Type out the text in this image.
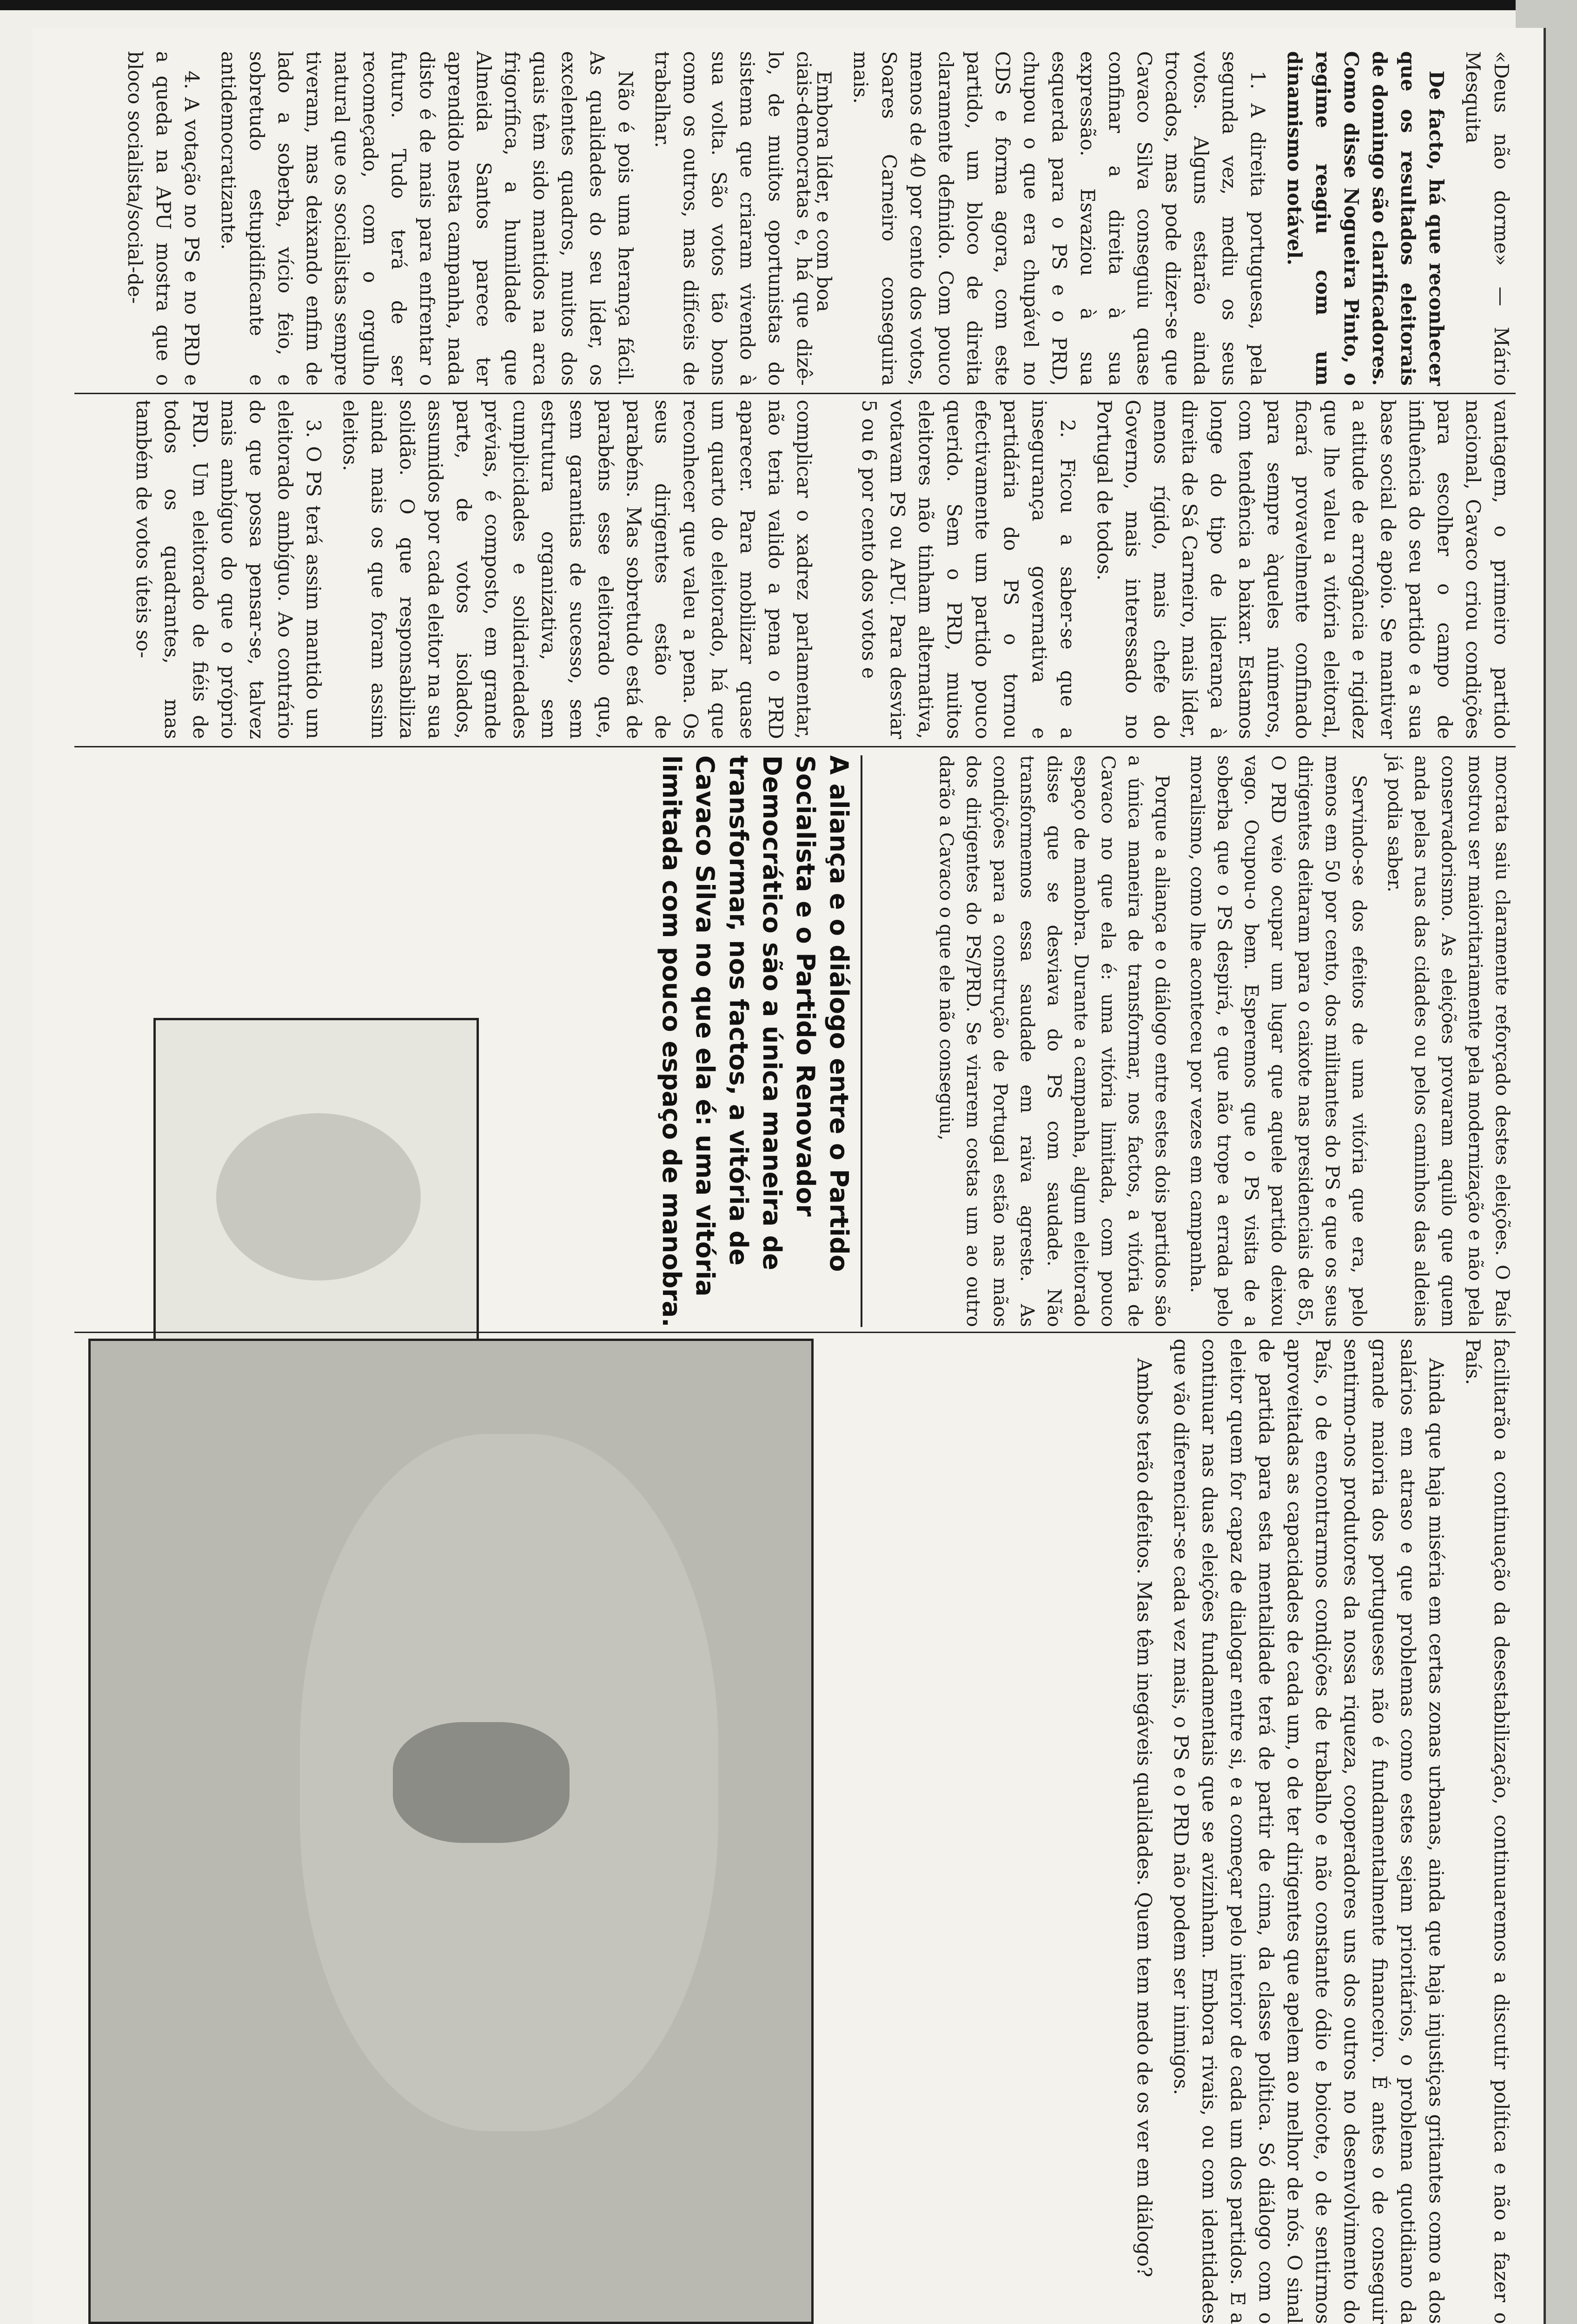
«Deus não dorme» — Mário Mesquita

De facto, há que reconhecer que os resultados eleitorais de domingo são clarificadores. Como disse Nogueira Pinto, o regime reagiu com um dinamismo notável.

1. A direita portuguesa, pela segunda vez, mediu os seus votos. Alguns estarão ainda trocados, mas pode dizer-se que Cavaco Silva conseguiu quase confinar a direita à sua expressão. Esvaziou à sua esquerda para o PS e o PRD, chupou o que era chupável no CDS e forma agora, com este partido, um bloco de direita claramente definido. Com pouco menos de 40 por cento dos votos, Soares Carneiro conseguira mais.

Embora líder, e com boa

vantagem, o primeiro partido nacional, Cavaco criou condições para escolher o campo de influência do seu partido e a sua base social de apoio. Se mantiver a atitude de arrogância e rigidez que lhe valeu a vitória eleitoral, ficará provavelmente confinado para sempre àqueles números, com tendência a baixar. Estamos longe do tipo de liderança à direita de Sá Carneiro, mais líder, menos rígido, mais chefe do Governo, mais interessado no Portugal de todos.

2. Ficou a saber-se que a insegurança governativa e partidária do PS o tornou efectivamente um partido pouco querido. Sem o PRD, muitos eleitores não tinham alternativa, votavam PS ou APU. Para desviar 5 ou 6 por cento dos votos e

complicar o xadrez parlamentar, não teria valido a pena o PRD aparecer. Para mobilizar quase um quarto do eleitorado, há que reconhecer que valeu a pena. Os seus dirigentes estão de parabéns. Mas sobretudo está de parabéns esse eleitorado que, sem garantias de sucesso, sem estrutura organizativa, sem cumplicidades e solidariedades prévias, é composto, em grande parte, de votos isolados, assumidos por cada eleitor na sua solidão. O que responsabiliza ainda mais os que foram assim eleitos.

3. O PS terá assim mantido um eleitorado ambíguo. Ao contrário do que possa pensar-se, talvez mais ambíguo do que o próprio PRD. Um eleitorado de fiéis de todos os quadrantes, mas também de votos úteis so-

ciais-democratas e, há que dizê-lo, de muitos oportunistas do sistema que criaram vivendo à sua volta. São votos tão bons como os outros, mas difíceis de trabalhar.

Não é pois uma herança fácil. As qualidades do seu líder, os excelentes quadros, muitos dos quais têm sido mantidos na arca frigorífica, a humildade que Almeida Santos parece ter aprendido nesta campanha, nada disto é de mais para enfrentar o futuro. Tudo terá de ser recomeçado, com o orgulho natural que os socialistas sempre tiveram, mas deixando enfim de lado a soberba, vício feio, e sobretudo estupidificante e antidemocratizante.

4. A votação no PS e no PRD e a queda na APU mostra que o bloco socialista/social-de-

mocrata saiu claramente reforçado destes eleições. O País mostrou ser maioritariamente pela modernização e não pela conservadorismo. As eleições provaram aquilo que quem anda pelas ruas das cidades ou pelos caminhos das aldeias já podia saber.

Servindo-se dos efeitos de uma vitória que era, pelo menos em 50 por cento, dos militantes do PS e que os seus dirigentes deitaram para o caixote nas presidenciais de 85, O PRD veio ocupar um lugar que aquele partido deixou vago. Ocupou-o bem. Esperemos que o PS visita de a soberba que o PS despirá, e que não trope a errada pelo moralismo, como lhe aconteceu por vezes em campanha.

Porque a aliança e o diálogo entre estes dois partidos são a única maneira de transformar, nos factos, a vitória de Cavaco no que ela é: uma vitória limitada, com pouco espaço de manobra. Durante a campanha, algum eleitorado disse que se desviava do PS com saudade. Não transformemos essa saudade em raiva agreste. As condições para a construção de Portugal estão nas mãos dos dirigentes do PS/PRD. Se virarem costas um ao outro darão a Cavaco o que ele não conseguiu,

facilitarão a continuação da desestabilização, continuaremos a discutir política e não a fazer o País.

Ainda que haja miséria em certas zonas urbanas, ainda que haja injustiças gritantes como a dos salários em atraso e que problemas como estes sejam prioritários, o problema quotidiano da grande maioria dos portugueses não é fundamentalmente financeiro. É antes o de conseguir sentirmo-nos produtores da nossa riqueza, cooperadores uns dos outros no desenvolvimento do País, o de encontrarmos condições de trabalho e não constante ódio e boicote, o de sentirmos aproveitadas as capacidades de cada um, o de ter dirigentes que apelem ao melhor de nós. O sinal de partida para esta mentalidade terá de partir de cima, da classe política. Só diálogo com o eleitor quem for capaz de dialogar entre si, e a começar pelo interior de cada um dos partidos. E a continuar nas duas eleições fundamentais que se avizinham. Embora rivais, ou com identidades que vão diferenciar-se cada vez mais, o PS e o PRD não podem ser inimigos.

Ambos terão defeitos. Mas têm inegáveis qualidades. Quem tem medo de os ver em diálogo?

A aliança e o diálogo entre o Partido Socialista e o Partido Renovador Democrático são a única maneira de transformar, nos factos, a vitória de Cavaco Silva no que ela é: uma vitória limitada com pouco espaço de manobra.
